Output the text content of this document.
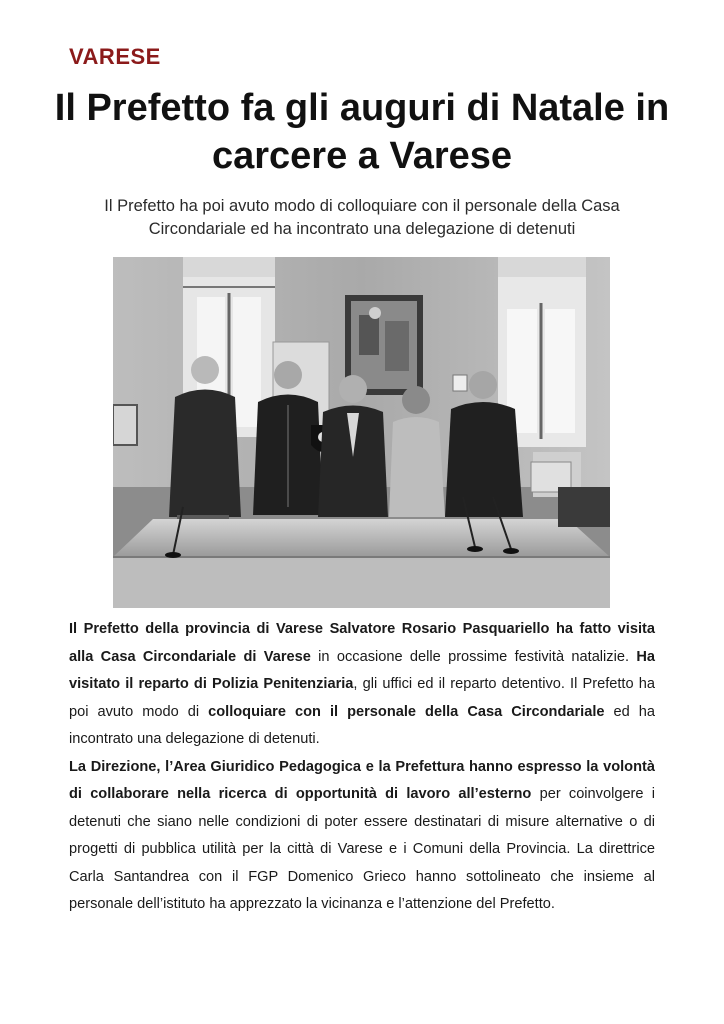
VARESE
Il Prefetto fa gli auguri di Natale in carcere a Varese
Il Prefetto ha poi avuto modo di colloquiare con il personale della Casa Circondariale ed ha incontrato una delegazione di detenuti

Il Prefetto della provincia di Varese Salvatore Rosario Pasquariello ha fatto visita alla Casa Circondariale di Varese in occasione delle prossime festività natalizie. Ha visitato il reparto di Polizia Penitenziaria, gli uffici ed il reparto detentivo. Il Prefetto ha poi avuto modo di colloquiare con il personale della Casa Circondariale ed ha incontrato una delegazione di detenuti.

La Direzione, l’Area Giuridico Pedagogica e la Prefettura hanno espresso la volontà di collaborare nella ricerca di opportunità di lavoro all’esterno per coinvolgere i detenuti che siano nelle condizioni di poter essere destinatari di misure alternative o di progetti di pubblica utilità per la città di Varese e i Comuni della Provincia. La direttrice Carla Santandrea con il FGP Domenico Grieco hanno sottolineato che insieme al personale dell’istituto ha apprezzato la vicinanza e l’attenzione del Prefetto.
